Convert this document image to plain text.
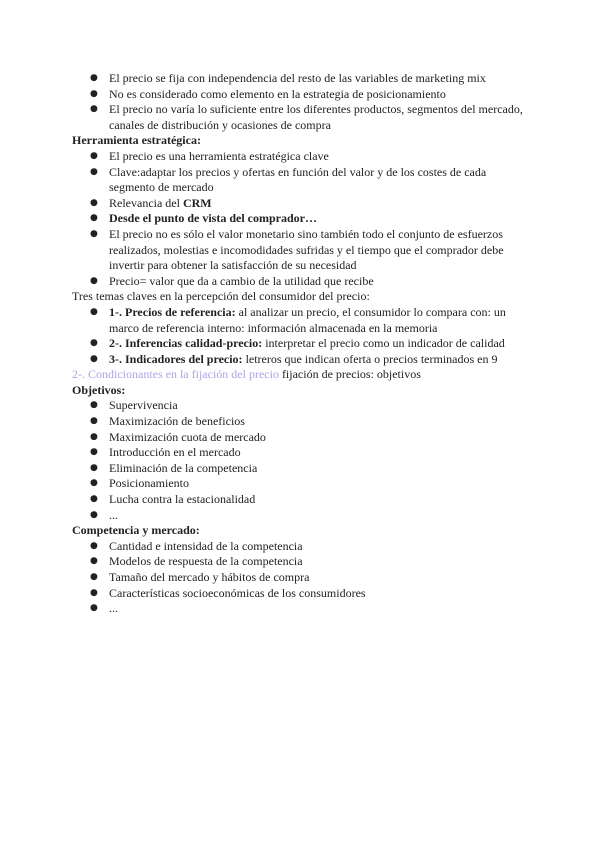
● El precio se fija con independencia del resto de las variables de marketing mix
● No es considerado como elemento en la estrategia de posicionamiento
● El precio no varía lo suficiente entre los diferentes productos, segmentos del mercado, canales de distribución y ocasiones de compra

Herramienta estratégica:

● El precio es una herramienta estratégica clave
● Clave:adaptar los precios y ofertas en función del valor y de los costes de cada segmento de mercado
● Relevancia del CRM
● Desde el punto de vista del comprador…
● El precio no es sólo el valor monetario sino también todo el conjunto de esfuerzos realizados, molestias e incomodidades sufridas y el tiempo que el comprador debe invertir para obtener la satisfacción de su necesidad
● Precio= valor que da a cambio de la utilidad que recibe

Tres temas claves en la percepción del consumidor del precio:

● 1-. Precios de referencia: al analizar un precio, el consumidor lo compara con: un marco de referencia interno: información almacenada en la memoria
● 2-. Inferencias calidad-precio: interpretar el precio como un indicador de calidad
● 3-. Indicadores del precio: letreros que indican oferta o precios terminados en 9

2-. Condicionantes en la fijación del precio fijación de precios: objetivos

Objetivos:

● Supervivencia
● Maximización de beneficios
● Maximización cuota de mercado
● Introducción en el mercado
● Eliminación de la competencia
● Posicionamiento
● Lucha contra la estacionalidad
● ...

Competencia y mercado:

● Cantidad e intensidad de la competencia
● Modelos de respuesta de la competencia
● Tamaño del mercado y hábitos de compra
● Características socioeconómicas de los consumidores
● ...
